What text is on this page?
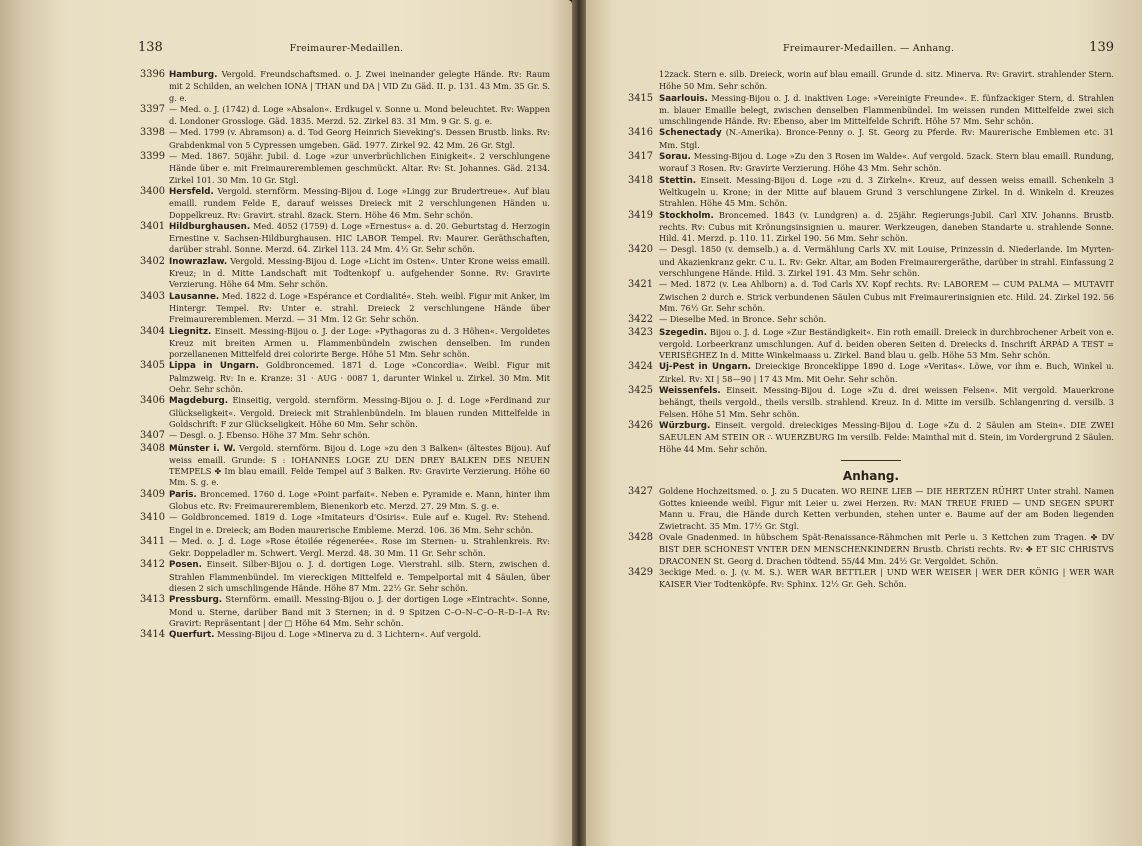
138	Freimaurer-Medaillen.

3396 Hamburg. Vergold. Freundschaftsmed. o. J. Zwei ineinander gelegte Hände. Rv: Raum mit 2 Schilden, an welchen IONA | THAN und DA | VID Zu Gäd. II. p. 131. 43 Mm. 35 Gr. S. g. e.

3397 — Med. o. J. (1742) d. Loge »Absalon«. Erdkugel v. Sonne u. Mond beleuchtet. Rv: Wappen d. Londoner Grossloge. Gäd. 1835. Merzd. 52. Zirkel 83. 31 Mm. 9 Gr. S. g. e.

3398 — Med. 1799 (v. Abramson) a. d. Tod Georg Heinrich Sieveking's. Dessen Brustb. links. Rv: Grabdenkmal von 5 Cypressen umgeben. Gäd. 1977. Zirkel 92. 42 Mm. 26 Gr. Stgl.

3399 — Med. 1867. 50jähr. Jubil. d. Loge »zur unverbrüchlichen Einigkeit«. 2 verschlungene Hände über e. mit Freimaureremblemen geschmückt. Altar. Rv: St. Johannes. Gäd. 2134. Zirkel 101. 30 Mm. 10 Gr. Stgl.

3400 Hersfeld. Vergold. sternförm. Messing-Bijou d. Loge »Lingg zur Brudertreue«. Auf blau emaill. rundem Felde E, darauf weisses Dreieck mit 2 verschlungenen Händen u. Doppelkreuz. Rv: Gravirt. strahl. 8zack. Stern. Höhe 46 Mm. Sehr schön.

3401 Hildburghausen. Med. 4052 (1759) d. Loge »Ernestus« a. d. 20. Geburtstag d. Herzogin Ernestine v. Sachsen-Hildburghausen. HIC LABOR Tempel. Rv: Maurer. Geräthschaften, darüber strahl. Sonne. Merzd. 64. Zirkel 113. 24 Mm. 4½ Gr. Sehr schön.

3402 Inowrazlaw. Vergold. Messing-Bijou d. Loge »Licht im Osten«. Unter Krone weiss emaill. Kreuz; in d. Mitte Landschaft mit Todtenkopf u. aufgehender Sonne. Rv: Gravirte Verzierung. Höhe 64 Mm. Sehr schön.

3403 Lausanne. Med. 1822 d. Loge »Espérance et Cordialité«. Steh. weibl. Figur mit Anker, im Hintergr. Tempel. Rv: Unter e. strahl. Dreieck 2 verschlungene Hände über Freimaureremblemen. Merzd. — 31 Mm. 12 Gr. Sehr schön.

3404 Liegnitz. Einseit. Messing-Bijou o. J. der Loge: »Pythagoras zu d. 3 Höhen«. Vergoldetes Kreuz mit breiten Armen u. Flammenbündeln zwischen denselben. Im runden porzellanenen Mittelfeld drei colorirte Berge. Höhe 51 Mm. Sehr schön.

3405 Lippa in Ungarn. Goldbroncemed. 1871 d. Loge »Concordia«. Weibl. Figur mit Palmzweig. Rv: In e. Kranze: 31 · AUG · 0087 1, darunter Winkel u. Zirkel. 30 Mm. Mit Oehr. Sehr schön.

3406 Magdeburg. Einseitig, vergold. sternförm. Messing-Bijou o. J. d. Loge »Ferdinand zur Glückseligkeit«. Vergold. Dreieck mit Strahlenbündeln. Im blauen runden Mittelfelde in Goldschrift: F zur Glückseligkeit. Höhe 60 Mm. Sehr schön.

3407 — Desgl. o. J. Ebenso. Höhe 37 Mm. Sehr schön.

3408 Münster i. W. Vergold. sternförm. Bijou d. Loge »zu den 3 Balken« (ältestes Bijou). Auf weiss emaill. Grunde: S : IOHANNES LOGE ZU DEN DREY BALKEN DES NEUEN TEMPELS ✤ Im blau emaill. Felde Tempel auf 3 Balken. Rv: Gravirte Verzierung. Höhe 60 Mm. S. g. e.

3409 Paris. Broncemed. 1760 d. Loge »Point parfait«. Neben e. Pyramide e. Mann, hinter ihm Globus etc. Rv: Freimaureremblem, Bienenkorb etc. Merzd. 27. 29 Mm. S. g. e.

3410 — Goldbroncemed. 1819 d. Loge »Imitateurs d'Osiris«. Eule auf e. Kugel. Rv: Stehend. Engel in e. Dreieck; am Boden maurerische Embleme. Merzd. 106. 36 Mm. Sehr schön.

3411 — Med. o. J. d. Loge »Rose étoilée régenerée«. Rose im Sternen- u. Strahlenkreis. Rv: Gekr. Doppeladler m. Schwert. Vergl. Merzd. 48. 30 Mm. 11 Gr. Sehr schön.

3412 Posen. Einseit. Silber-Bijou o. J. d. dortigen Loge. Vierstrahl. silb. Stern, zwischen d. Strahlen Flammenbündel. Im viereckigen Mittelfeld e. Tempelportal mit 4 Säulen, über diesen 2 sich umschlingende Hände. Höhe 87 Mm. 22½ Gr. Sehr schön.

3413 Pressburg. Sternförm. emaill. Messing-Bijou o. J. der dortigen Loge »Eintracht«. Sonne, Mond u. Sterne, darüber Band mit 3 Sternen; in d. 9 Spitzen C–O–N–C–O–R–D–I–A Rv: Gravirt: Repräsentant | der □ Höhe 64 Mm. Sehr schön.

3414 Querfurt. Messing-Bijou d. Loge »Minerva zu d. 3 Lichtern«. Auf vergold.

Freimaurer-Medaillen. — Anhang.	139

12zack. Stern e. silb. Dreieck, worin auf blau emaill. Grunde d. sitz. Minerva. Rv: Gravirt. strahlender Stern. Höhe 50 Mm. Sehr schön.

3415 Saarlouis. Messing-Bijou o. J. d. inaktiven Loge: »Vereinigte Freunde«. E. fünfzackiger Stern, d. Strahlen m. blauer Emaille belegt, zwischen denselben Flammenbündel. Im weissen runden Mittelfelde zwei sich umschlingende Hände. Rv: Ebenso, aber im Mittelfelde Schrift. Höhe 57 Mm. Sehr schön.

3416 Schenectady (N.-Amerika). Bronce-Penny o. J. St. Georg zu Pferde. Rv: Maurerische Emblemen etc. 31 Mm. Stgl.

3417 Sorau. Messing-Bijou d. Loge »Zu den 3 Rosen im Walde«. Auf vergold. 5zack. Stern blau emaill. Rundung, worauf 3 Rosen. Rv: Gravirte Verzierung. Höhe 43 Mm. Sehr schön.

3418 Stettin. Einseit. Messing-Bijou d. Loge »zu d. 3 Zirkeln«. Kreuz, auf dessen weiss emaill. Schenkeln 3 Weltkugeln u. Krone; in der Mitte auf blauem Grund 3 verschlungene Zirkel. In d. Winkeln d. Kreuzes Strahlen. Höhe 45 Mm. Schön.

3419 Stockholm. Broncemed. 1843 (v. Lundgren) a. d. 25jähr. Regierungs-Jubil. Carl XIV. Johanns. Brustb. rechts. Rv: Cubus mit Krönungsinsignien u. maurer. Werkzeugen, daneben Standarte u. strahlende Sonne. Hild. 41. Merzd. p. 110. 11. Zirkel 190. 56 Mm. Sehr schön.

3420 — Desgl. 1850 (v. demselb.) a. d. Vermählung Carls XV. mit Louise, Prinzessin d. Niederlande. Im Myrten- und Akazienkranz gekr. C u. L. Rv: Gekr. Altar, am Boden Freimaurergeräthe, darüber in strahl. Einfassung 2 verschlungene Hände. Hild. 3. Zirkel 191. 43 Mm. Sehr schön.

3421 — Med. 1872 (v. Lea Ahlborn) a. d. Tod Carls XV. Kopf rechts. Rv: LABOREM — CUM PALMA — MUTAVIT Zwischen 2 durch e. Strick verbundenen Säulen Cubus mit Freimaurerinsignien etc. Hild. 24. Zirkel 192. 56 Mm. 76½ Gr. Sehr schön.

3422 — Dieselbe Med. in Bronce. Sehr schön.

3423 Szegedin. Bijou o. J. d. Loge »Zur Beständigkeit«. Ein roth emaill. Dreieck in durchbrochener Arbeit von e. vergold. Lorbeerkranz umschlungen. Auf d. beiden oberen Seiten d. Dreiecks d. Inschrift ÁRPÁD A TEST = VERISÉGHEZ In d. Mitte Winkelmaass u. Zirkel. Band blau u. gelb. Höhe 53 Mm. Sehr schön.

3424 Uj-Pest in Ungarn. Dreieckige Bronceklippe 1890 d. Loge »Veritas«. Löwe, vor ihm e. Buch, Winkel u. Zirkel. Rv: XI | 58—90 | 17 43 Mm. Mit Oehr. Sehr schön.

3425 Weissenfels. Einseit. Messing-Bijou d. Loge »Zu d. drei weissen Felsen«. Mit vergold. Mauerkrone behängt, theils vergold., theils versilb. strahlend. Kreuz. In d. Mitte im versilb. Schlangenring d. versilb. 3 Felsen. Höhe 51 Mm. Sehr schön.

3426 Würzburg. Einseit. vergold. dreieckiges Messing-Bijou d. Loge »Zu d. 2 Säulen am Stein«. DIE ZWEI SAEULEN AM STEIN OR ∴ WUERZBURG Im versilb. Felde: Mainthal mit d. Stein, im Vordergrund 2 Säulen. Höhe 44 Mm. Sehr schön.

Anhang.

3427 Goldene Hochzeitsmed. o. J. zu 5 Ducaten. WO REINE LIEB — DIE HERTZEN RÜHRT Unter strahl. Namen Gottes knieende weibl. Figur mit Leier u. zwei Herzen. Rv: MAN TREUE FRIED — UND SEGEN SPURT Mann u. Frau, die Hände durch Ketten verbunden, stehen unter e. Baume auf der am Boden liegenden Zwietracht. 35 Mm. 17½ Gr. Stgl.

3428 Ovale Gnadenmed. in hübschem Spät-Renaissance-Rähmchen mit Perle u. 3 Kettchen zum Tragen. ✤ DV BIST DER SCHONEST VNTER DEN MENSCHENKINDERN Brustb. Christi rechts. Rv: ✤ ET SIC CHRISTVS DRACONEN St. Georg d. Drachen tödtend. 55/44 Mm. 24½ Gr. Vergoldet. Schön.

3429 3eckige Med. o. J. (v. M. S.). WER WAR BETTLER | UND WER WEISER | WER DER KÖNIG | WER WAR KAISER Vier Todtenköpfe. Rv: Sphinx. 12½ Gr. Geh. Schön.
